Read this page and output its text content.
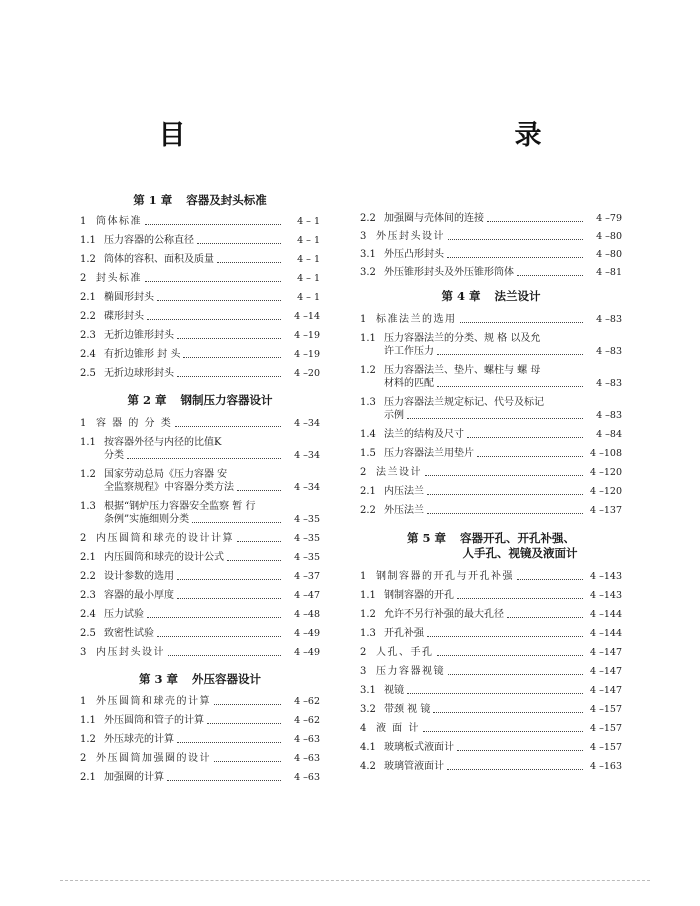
目　　　录
第 1 章 容器及封头标准
1 筒体标准	4 – 1
1.1 压力容器的公称直径	4 – 1
1.2 筒体的容积、面积及质量	4 – 1
2 封头标准	4 – 1
2.1 椭圆形封头	4 – 1
2.2 碟形封头	4 –14
2.3 无折边锥形封头	4 –19
2.4 有折边锥形 封 头	4 –19
2.5 无折边球形封头	4 –20
第 2 章 钢制压力容器设计
1 容 器 的 分 类	4 –34
1.1 按容器外径与内径的比值K
分类	4 –34
1.2 国家劳动总局《压力容器 安
全监察规程》中容器分类方法	4 –34
1.3 根据“钢炉压力容器安全监察 暂 行
条例”实施细则分类	4 –35
2 内压圆筒和球壳的设计计算	4 –35
2.1 内压圆筒和球壳的设计公式	4 –35
2.2 设计参数的选用	4 –37
2.3 容器的最小厚度	4 –47
2.4 压力试验	4 –48
2.5 致密性试验	4 –49
3 内压封头设计	4 –49
第 3 章 外压容器设计
1 外压圆筒和球壳的计算	4 –62
1.1 外压圆筒和管子的计算	4 –62
1.2 外压球壳的计算	4 –63
2 外压圆筒加强圈的设计	4 –63
2.1 加强圈的计算	4 –63
2.2 加强圈与壳体间的连接	4 –79
3 外压封头设计	4 –80
3.1 外压凸形封头	4 –80
3.2 外压锥形封头及外压锥形筒体	4 –81
第 4 章 法兰设计
1 标准法兰的选用	4 –83
1.1 压力容器法兰的分类、规 格 以及允
许工作压力	4 –83
1.2 压力容器法兰、垫片、螺柱与 螺 母
材料的匹配	4 –83
1.3 压力容器法兰规定标记、代号及标记
示例	4 –83
1.4 法兰的结构及尺寸	4 –84
1.5 压力容器法兰用垫片	4 –108
2 法兰设计	4 –120
2.1 内压法兰	4 –120
2.2 外压法兰	4 –137
第 5 章 容器开孔、开孔补强、
人手孔、视镜及液面计
1 钢制容器的开孔与开孔补强	4 –143
1.1 钢制容器的开孔	4 –143
1.2 允许不另行补强的最大孔径	4 –144
1.3 开孔补强	4 –144
2 人孔、手孔	4 –147
3 压力容器视镜	4 –147
3.1 视镜	4 –147
3.2 带颈 视 镜	4 –157
4 液 面 计	4 –157
4.1 玻璃板式液面计	4 –157
4.2 玻璃管液面计	4 –163
